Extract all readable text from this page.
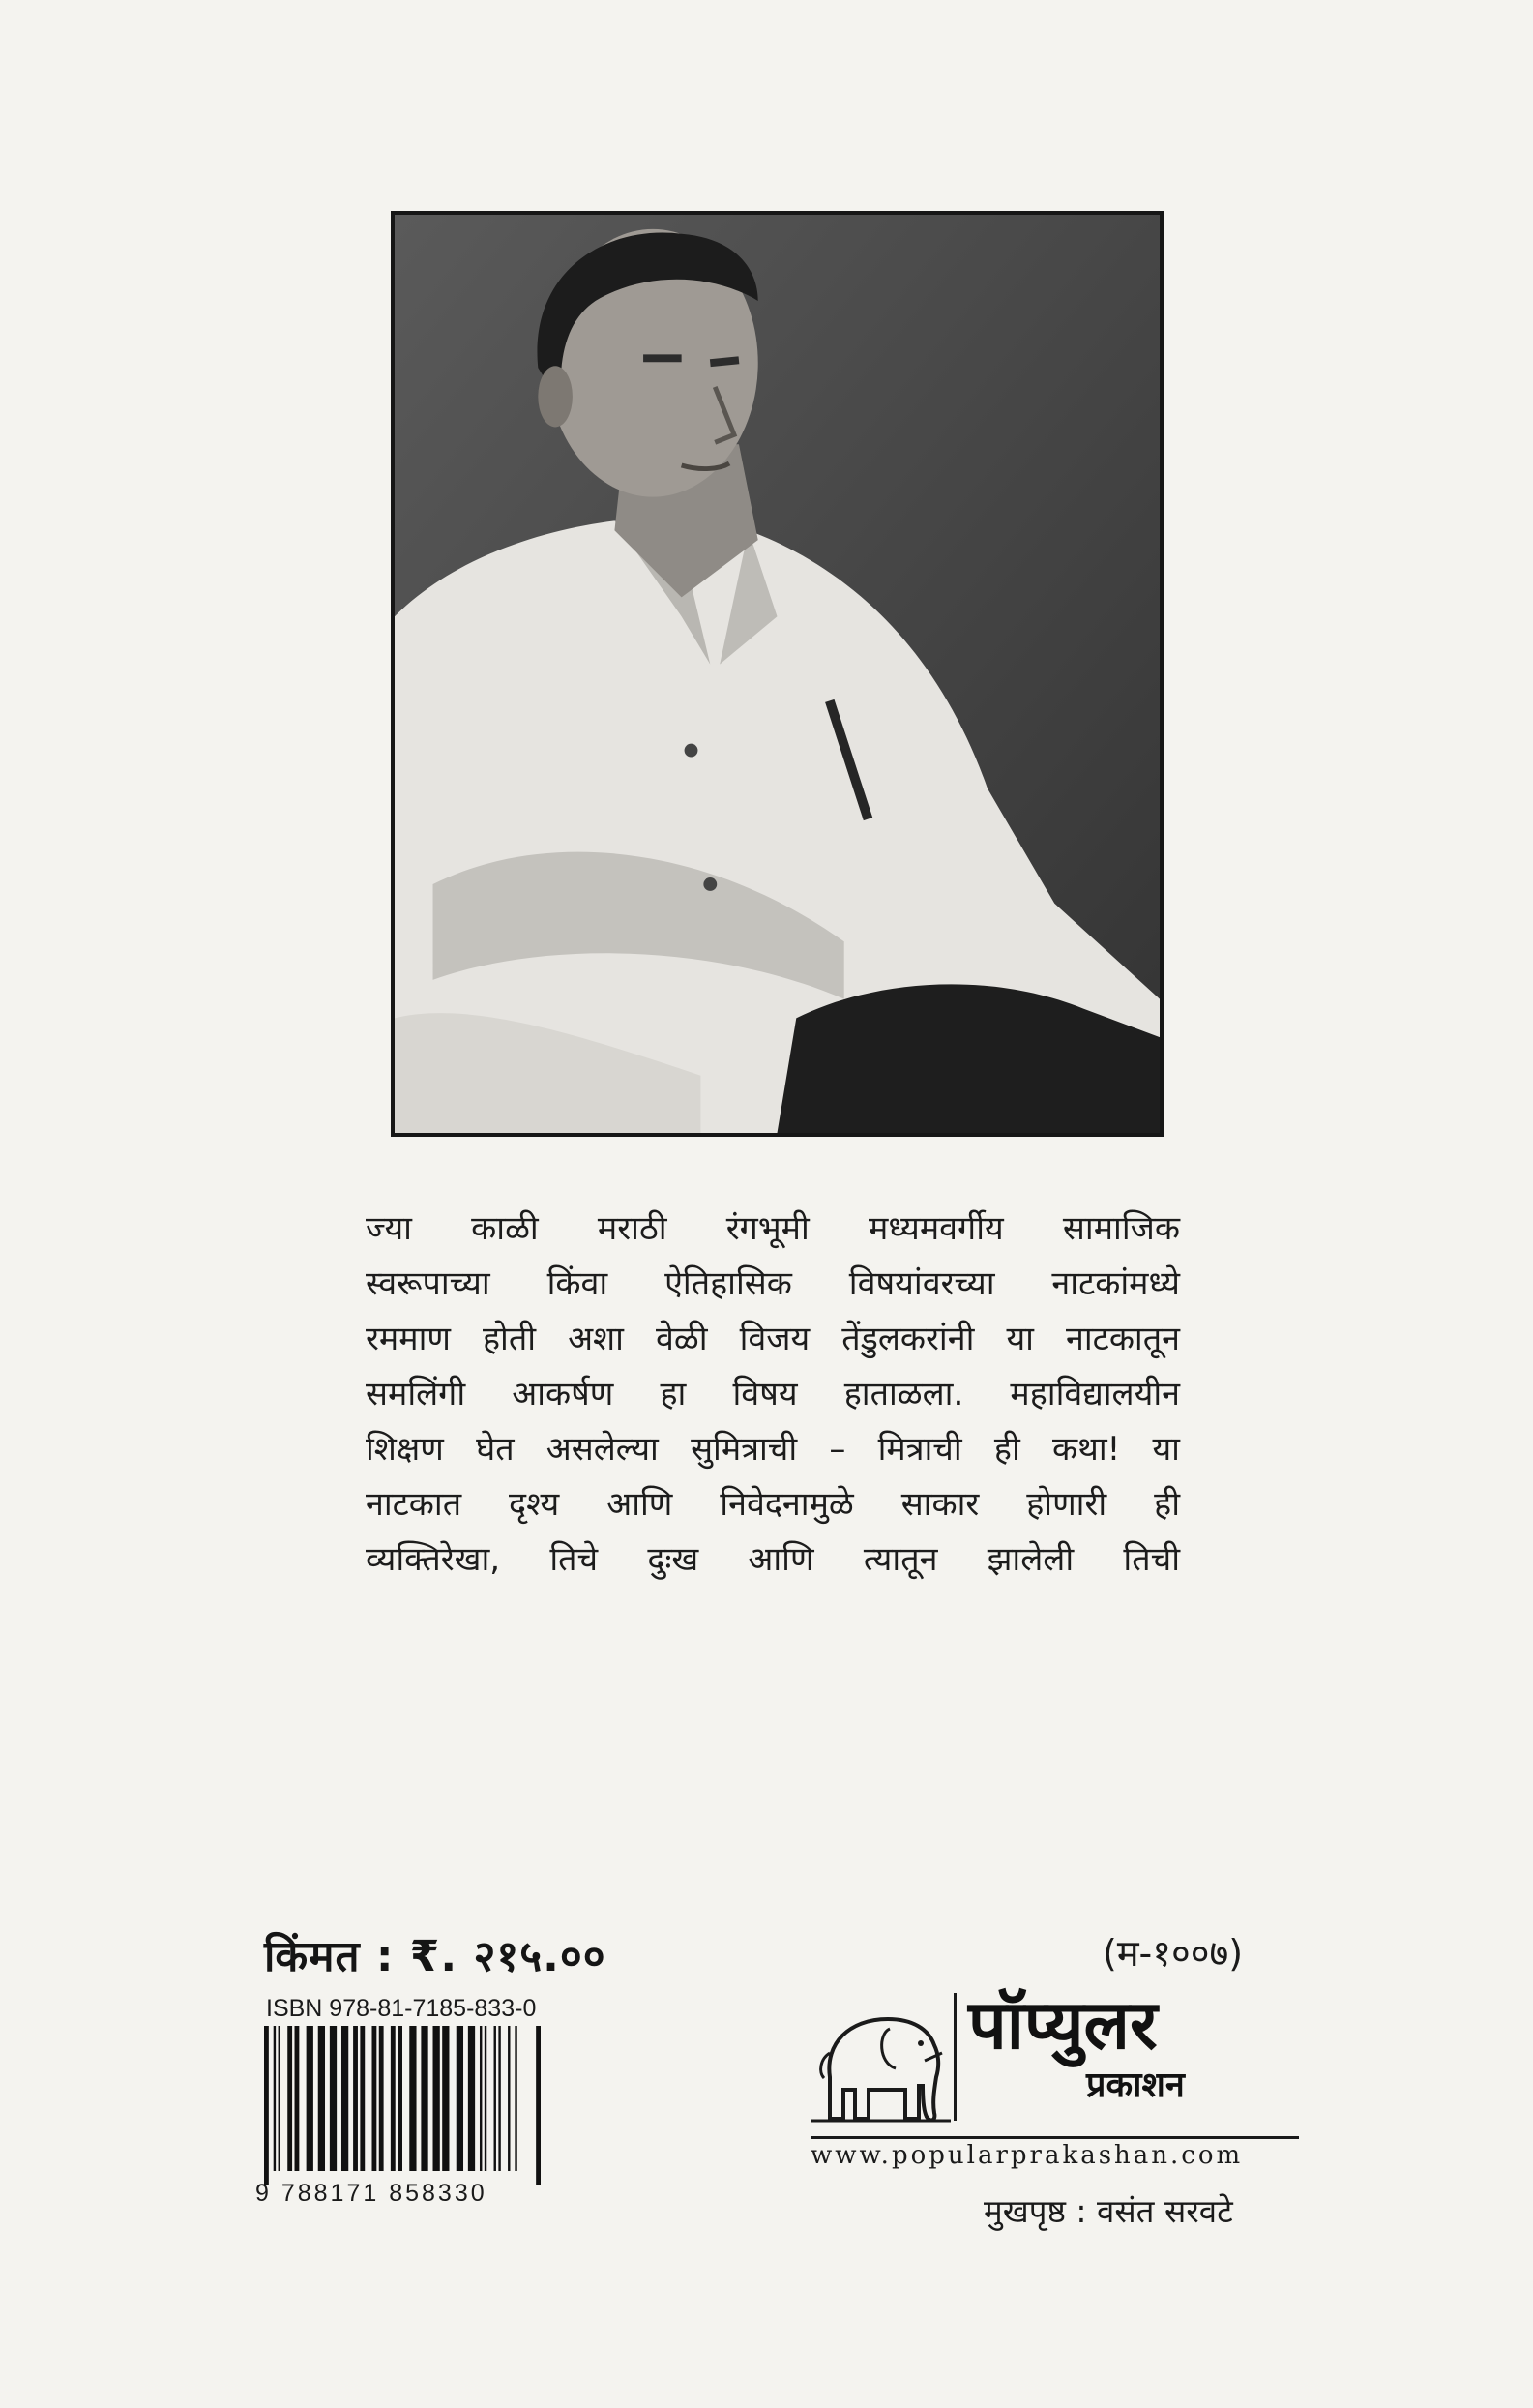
ज्या काळी मराठी रंगभूमी मध्यमवर्गीय सामाजिक
स्वरूपाच्या किंवा ऐतिहासिक विषयांवरच्या नाटकांमध्ये
रममाण होती अशा वेळी विजय तेंडुलकरांनी या नाटकातून
समलिंगी आकर्षण हा विषय हाताळला. महाविद्यालयीन
शिक्षण घेत असलेल्या सुमित्राची – मित्राची ही कथा! या
नाटकात दृश्य आणि निवेदनामुळे साकार होणारी ही
व्यक्तिरेखा, तिचे दुःख आणि त्यातून झालेली तिची
किंमत : ₹. २१५.००	(म-१००७)
ISBN 978-81-7185-833-0
9 788171 858330
पॉप्युलर
प्रकाशन
www.popularprakashan.com
मुखपृष्ठ : वसंत सरवटे
